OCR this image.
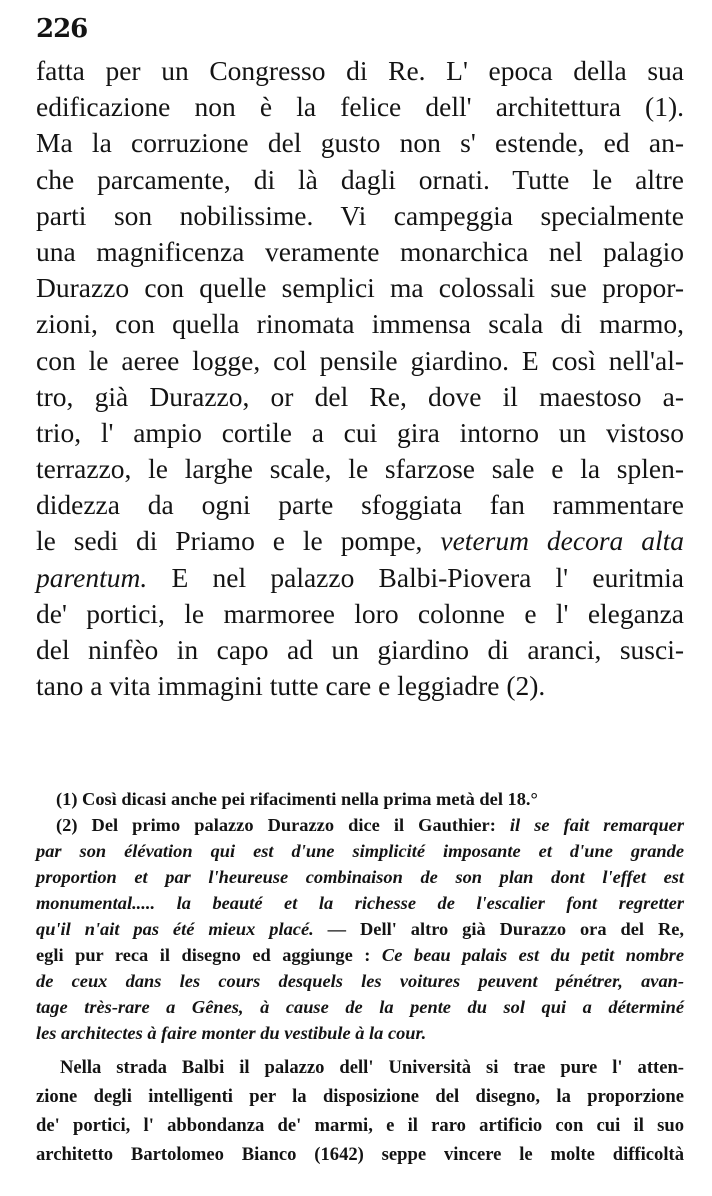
226
fatta per un Congresso di Re. L' epoca della sua
edificazione non è la felice dell' architettura (1).
Ma la corruzione del gusto non s' estende, ed an-
che parcamente, di là dagli ornati. Tutte le altre
parti son nobilissime. Vi campeggia specialmente
una magnificenza veramente monarchica nel palagio
Durazzo con quelle semplici ma colossali sue propor-
zioni, con quella rinomata immensa scala di marmo,
con le aeree logge, col pensile giardino. E così nell'al-
tro, già Durazzo, or del Re, dove il maestoso a-
trio, l' ampio cortile a cui gira intorno un vistoso
terrazzo, le larghe scale, le sfarzose sale e la splen-
didezza da ogni parte sfoggiata fan rammentare
le sedi di Priamo e le pompe, veterum decora alta
parentum. E nel palazzo Balbi-Piovera l' euritmia
de' portici, le marmoree loro colonne e l' eleganza
del ninfèo in capo ad un giardino di aranci, susci-
tano a vita immagini tutte care e leggiadre (2).
(1) Così dicasi anche pei rifacimenti nella prima metà del 18.°
(2) Del primo palazzo Durazzo dice il Gauthier: il se fait remarquer
par son élévation qui est d'une simplicité imposante et d'une grande
proportion et par l'heureuse combinaison de son plan dont l'effet est
monumental..... la beauté et la richesse de l'escalier font regretter
qu'il n'ait pas été mieux placé. — Dell' altro già Durazzo ora del Re,
egli pur reca il disegno ed aggiunge : Ce beau palais est du petit nombre
de ceux dans les cours desquels les voitures peuvent pénétrer, avan-
tage très-rare a Gênes, à cause de la pente du sol qui a déterminé
les architectes à faire monter du vestibule à la cour.
Nella strada Balbi il palazzo dell' Università si trae pure l' atten-
zione degli intelligenti per la disposizione del disegno, la proporzione
de' portici, l' abbondanza de' marmi, e il raro artificio con cui il suo
architetto Bartolomeo Bianco (1642) seppe vincere le molte difficoltà
